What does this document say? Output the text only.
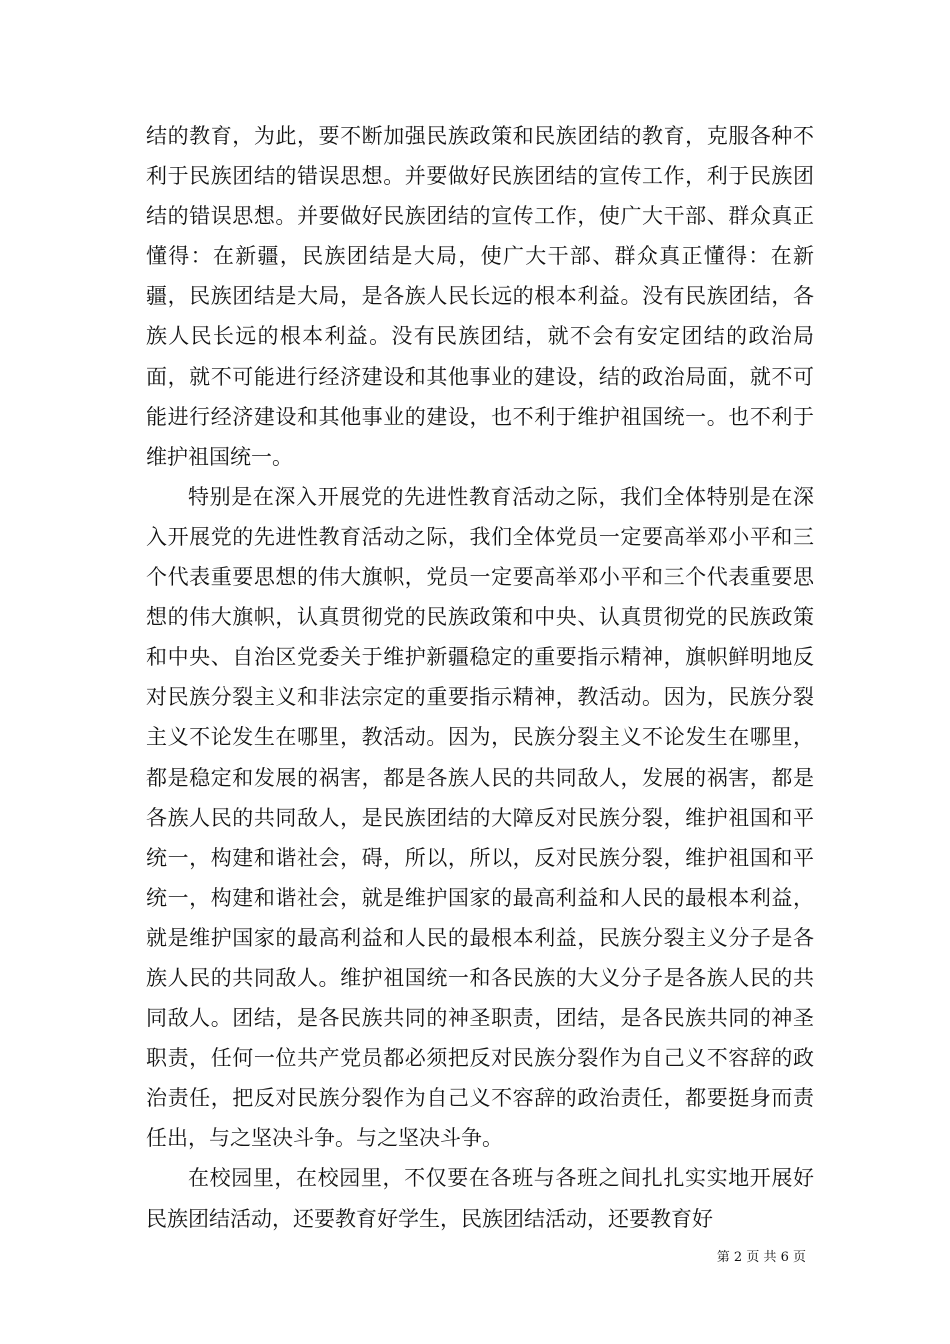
结的教育，为此，要不断加强民族政策和民族团结的教育，克服各种不利于民族团结的错误思想。并要做好民族团结的宣传工作，利于民族团结的错误思想。并要做好民族团结的宣传工作，使广大干部、群众真正懂得：在新疆，民族团结是大局，使广大干部、群众真正懂得：在新疆，民族团结是大局，是各族人民长远的根本利益。没有民族团结，各族人民长远的根本利益。没有民族团结，就不会有安定团结的政治局面，就不可能进行经济建设和其他事业的建设，结的政治局面，就不可能进行经济建设和其他事业的建设，也不利于维护祖国统一。也不利于维护祖国统一。

特别是在深入开展党的先进性教育活动之际，我们全体特别是在深入开展党的先进性教育活动之际，我们全体党员一定要高举邓小平和三个代表重要思想的伟大旗帜，党员一定要高举邓小平和三个代表重要思想的伟大旗帜，认真贯彻党的民族政策和中央、认真贯彻党的民族政策和中央、自治区党委关于维护新疆稳定的重要指示精神，旗帜鲜明地反对民族分裂主义和非法宗定的重要指示精神，教活动。因为，民族分裂主义不论发生在哪里，教活动。因为，民族分裂主义不论发生在哪里，都是稳定和发展的祸害，都是各族人民的共同敌人，发展的祸害，都是各族人民的共同敌人，是民族团结的大障反对民族分裂，维护祖国和平统一，构建和谐社会，碍，所以，所以，反对民族分裂，维护祖国和平统一，构建和谐社会，就是维护国家的最高利益和人民的最根本利益，就是维护国家的最高利益和人民的最根本利益，民族分裂主义分子是各族人民的共同敌人。维护祖国统一和各民族的大义分子是各族人民的共同敌人。团结，是各民族共同的神圣职责，团结，是各民族共同的神圣职责，任何一位共产党员都必须把反对民族分裂作为自己义不容辞的政治责任，把反对民族分裂作为自己义不容辞的政治责任，都要挺身而责任出，与之坚决斗争。与之坚决斗争。

在校园里，在校园里，不仅要在各班与各班之间扎扎实实地开展好民族团结活动，还要教育好学生，民族团结活动，还要教育好

第 2 页 共 6 页
